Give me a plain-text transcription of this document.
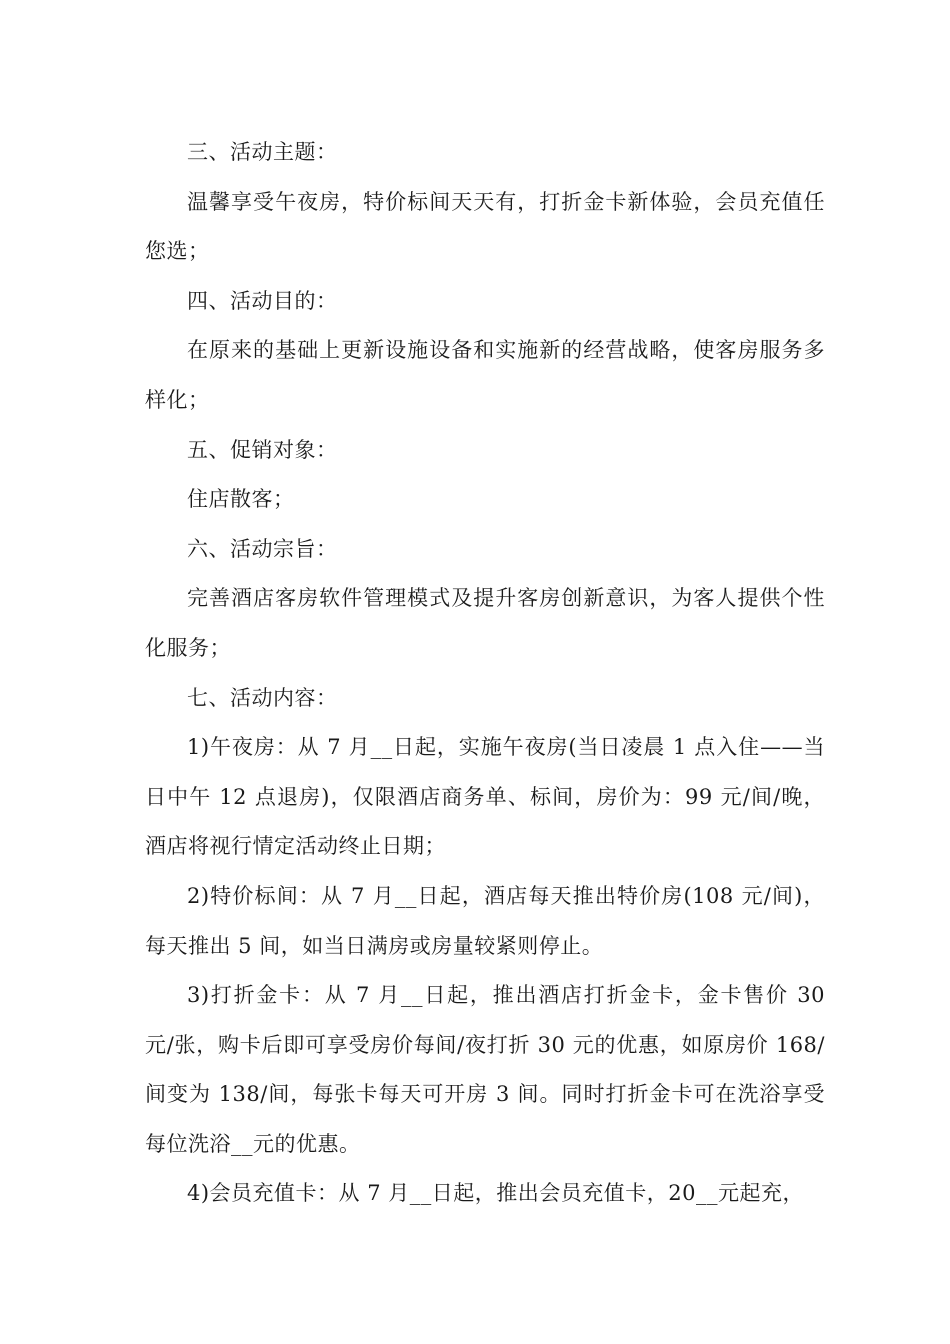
三、活动主题：

温馨享受午夜房，特价标间天天有，打折金卡新体验，会员充值任您选；

四、活动目的：

在原来的基础上更新设施设备和实施新的经营战略，使客房服务多样化；

五、促销对象：

住店散客；

六、活动宗旨：

完善酒店客房软件管理模式及提升客房创新意识，为客人提供个性化服务；

七、活动内容：

1)午夜房：从 7 月__日起，实施午夜房(当日凌晨 1 点入住——当日中午 12 点退房)，仅限酒店商务单、标间，房价为：99 元/间/晚，酒店将视行情定活动终止日期；

2)特价标间：从 7 月__日起，酒店每天推出特价房(108 元/间)，每天推出 5 间，如当日满房或房量较紧则停止。

3)打折金卡：从 7 月__日起，推出酒店打折金卡，金卡售价 30 元/张，购卡后即可享受房价每间/夜打折 30 元的优惠，如原房价 168/间变为 138/间，每张卡每天可开房 3 间。同时打折金卡可在洗浴享受每位洗浴__元的优惠。

4)会员充值卡：从 7 月__日起，推出会员充值卡，20__元起充，
